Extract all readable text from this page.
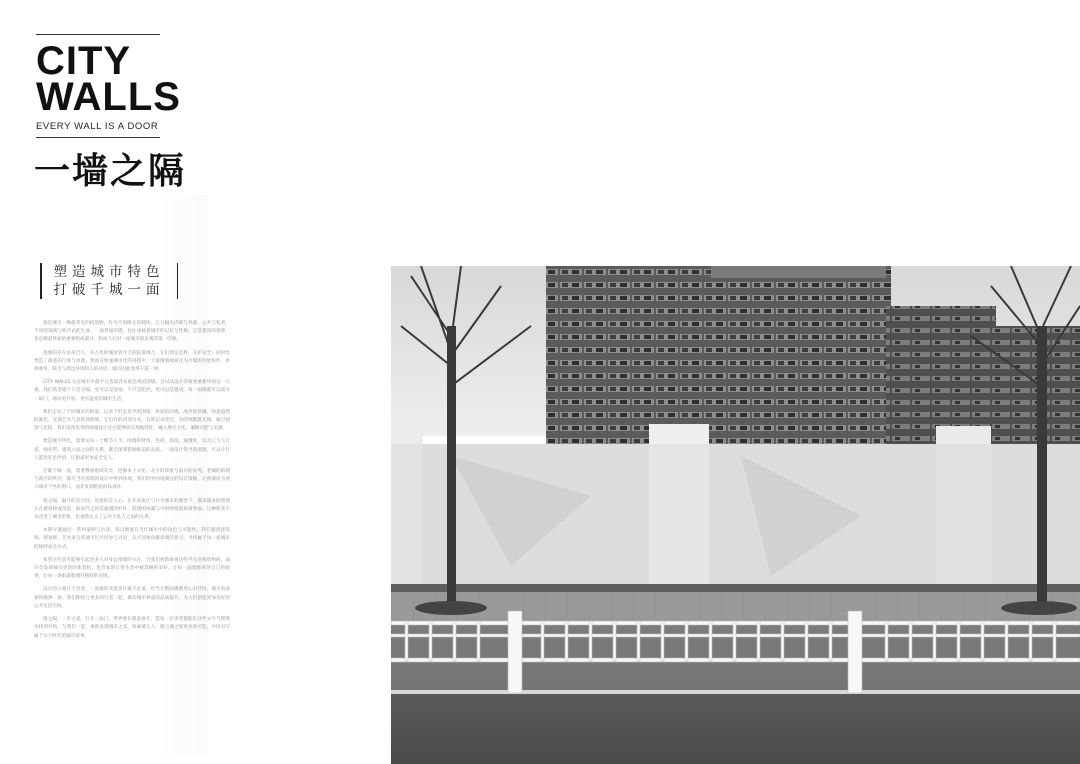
CITY
WALLS
EVERY WALL IS A DOOR
一墙之隔
塑造城市特色
打破千城一面

墙是城市一种最常见的构筑物，作为空间限定的载体，它分隔出内部与外部，公共与私密，不同的领域与秩序由此生成。一面普通的墙，往往承载着城市的记忆与性格，它是建筑的延伸，也是街道界面的重要组成部分，构成人们对一座城市最直观的第一印象。

围墙的存在由来已久，从古代的城垣到今天的院落围合，它们划定边界，守护安全，同时也塑造了街巷的尺度与氛围。然而在快速城市化的进程中，大量围墙被简化为冷漠的功能构件，单调重复，缺乏与周边环境和人的对话，城市因此变得千篇一律。

CITY WALLS 关注城市中最平凡也最容易被忽视的围墙，尝试从设计的角度重新审视这一元素。我们希望墙不只是分隔，更可以是连接；不只是阻挡，更可以是邀请。每一面墙都可以成为一扇门，通向更开放、更有温度的城市生活。

我们走访了不同城市的街道，记录下形态各异的围墙：斑驳的旧墙、冰冷的铁栅、绿意盎然的篱笆、充满艺术气息的涂鸦墙。它们有的讲述历史，有的记录变迁，有的则默默无闻。通过观察与比较，我们发现优秀的围墙设计往往能够回应场地特征，融入地方文化，兼顾功能与美感。

塑造城市特色，需要从每一个细节入手。围墙的材料、色彩、高度、通透度，以及它与人行道、绿化带、建筑立面之间的关系，都会深刻影响街道的品质。一面设计得当的围墙，可以让行人愿意驻足停留，让街道更加安全宜人。

打破千城一面，需要尊重地域差异，挖掘本土文化。北方的厚重与南方的灵秀，老城的肌理与新区的秩序，都应当在围墙的设计中得到体现。我们倡导因地制宜的设计策略，让围墙成为展示城市个性的窗口，而非复制粘贴的标准件。

墙之隔，隔开的是空间，连接的是人心。在开放街区与共享城市的理念下，越来越多的围墙正在被拆除或改造，取而代之的是通透的栏杆、低矮的绿篱与可供停留的座椅界面。这种转变不仅改善了城市形象，也重新定义了公共与私人之间的关系。

本期专题通过一系列案例与访谈，探讨围墙在当代城市中的角色与可能性。我们邀请建筑师、规划师、艺术家与普通市民共同参与讨论，从不同视角解读墙的意义，寻找属于每一座城市的独特表达方式。

希望这些思考能够引起更多人对身边围墙的关注。当我们重新审视这些平凡的构筑物时，或许会发现城市更新的新契机，也会发现日常生活中被忽略的美好。让每一面墙都讲述自己的故事，让每一条街道都拥有独特的表情。

设计的力量在于改变。一面墙的改造也许微不足道，但当无数面墙被用心对待时，城市的面貌将焕然一新。我们期待与更多同行者一起，推动城市界面的品质提升，为人们创造更加美好的公共生活空间。

墙之隔，一步之遥。打开一扇门，世界便在眼前展开。愿每一位读者都能在这些文字与图像中找到共鸣，与我们一起，重新发现城市之美，探索墙与人、墙与城之间更多的可能，共同书写属于这个时代的城市故事。
